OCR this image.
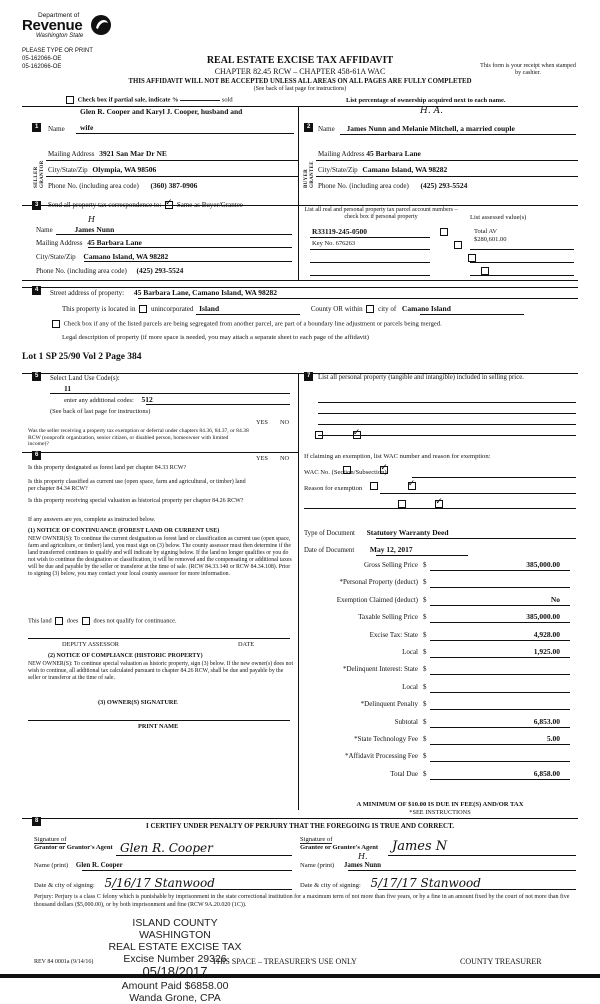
Department of
Revenue
Washington State
PLEASE TYPE OR PRINT
05-162066-OE
05-162066-OE
REAL ESTATE EXCISE TAX AFFIDAVIT
CHAPTER 82.45 RCW – CHAPTER 458-61A WAC
This form is your receipt when stamped by cashier.
THIS AFFIDAVIT WILL NOT BE ACCEPTED UNLESS ALL AREAS ON ALL PAGES ARE FULLY COMPLETED
(See back of last page for instructions)
Check box if partial sale, indicate %	sold	List percentage of ownership acquired next to each name.
1
SELLER GRANTOR
Glen R. Cooper and Karyl J. Cooper, husband and
Name wife
Mailing Address 3921 San Mar Dr NE
City/State/Zip Olympia, WA 98506
Phone No. (including area code) (360) 387-0906
2
BUYER GRANTEE
H. A.
Name James Nunn and Melanie Mitchell, a married couple
Mailing Address 45 Barbara Lane
City/State/Zip Camano Island, WA 98282
Phone No. (including area code) (425) 293-5524
3	Send all property tax correspondence to: ✓ Same as Buyer/Grantee
H
Name	James Nunn
Mailing Address 45 Barbara Lane
City/State/Zip Camano Island, WA 98282
Phone No. (including area code) (425) 293-5524
List all real and personal property tax parcel account numbers – check box if personal property	List assessed value(s)
R33119-245-0500

Key No. 676263

Total AV
$280,601.00
4	Street address of property: 45 Barbara Lane, Camano Island, WA 98282
This property is located in unincorporated Island	County OR within city of Camano Island
Check box if any of the listed parcels are being segregated from another parcel, are part of a boundary line adjustment or parcels being merged.
Legal description of property (if more space is needed, you may attach a separate sheet to each page of the affidavit)
Lot 1 SP 25/90 Vol 2 Page 384
5	Select Land Use Code(s):
11
enter any additional codes: 512
(See back of last page for instructions)
YES NO
Was the seller receiving a property tax exemption or deferral under chapters 84.36, 84.37, or 84.38 RCW (nonprofit organization, senior citizen, or disabled person, homeowner with limited income)?
✓
6	YES NO
Is this property designated as forest land per chapter 84.33 RCW?
✓
Is this property classified as current use (open space, farm and agricultural, or timber) land per chapter 84.34 RCW?
✓
Is this property receiving special valuation as historical property per chapter 84.26 RCW?
✓
If any answers are yes, complete as instructed below.
(1) NOTICE OF CONTINUANCE (FOREST LAND OR CURRENT USE)
NEW OWNER(S): To continue the current designation as forest land or classification as current use (open space, farm and agriculture, or timber) land, you must sign on (3) below. The county assessor must then determine if the land transferred continues to qualify and will indicate by signing below. If the land no longer qualifies or you do not wish to continue the designation or classification, it will be removed and the compensating or additional taxes will be due and payable by the seller or transferor at the time of sale. (RCW 84.33.140 or RCW 84.34.108). Prior to signing (3) below, you may contact your local county assessor for more information.
This land does does not qualify for continuance.
DEPUTY ASSESSOR	DATE
(2) NOTICE OF COMPLIANCE (HISTORIC PROPERTY)
NEW OWNER(S): To continue special valuation as historic property, sign (3) below. If the new owner(s) does not wish to continue, all additional tax calculated pursuant to chapter 84.26 RCW, shall be due and payable by the seller or transferor at the time of sale.
(3) OWNER(S) SIGNATURE
PRINT NAME
7	List all personal property (tangible and intangible) included in selling price.
If claiming an exemption, list WAC number and reason for exemption:
WAC No. (Section/Subsection)
Reason for exemption
Type of Document Statutory Warranty Deed
Date of Document May 12, 2017
Gross Selling Price $	385,000.00
*Personal Property (deduct) $
Exemption Claimed (deduct) $	No
Taxable Selling Price $	385,000.00
Excise Tax: State $	4,928.00
Local $	1,925.00
*Delinquent Interest: State $
Local $
*Delinquent Penalty $
Subtotal $	6,853.00
*State Technology Fee $	5.00
*Affidavit Processing Fee $
Total Due $	6,858.00
A MINIMUM OF $10.00 IS DUE IN FEE(S) AND/OR TAX
*SEE INSTRUCTIONS
8
I CERTIFY UNDER PENALTY OF PERJURY THAT THE FOREGOING IS TRUE AND CORRECT.
Signature of
Grantor or Grantor's Agent Glen R. Cooper
Name (print) Glen R. Cooper
Date & city of signing: 5/16/17 Stanwood
Signature of
Grantee or Grantee's Agent James N
Name (print) James Nunn
H.
Date & city of signing: 5/17/17 Stanwood
Perjury: Perjury is a class C felony which is punishable by imprisonment in the state correctional institution for a maximum term of not more than five years, or by a fine in an amount fixed by the court of not more than five thousand dollars ($5,000.00), or by both imprisonment and fine (RCW 9A.20.020 (1C)).
ISLAND COUNTY WASHINGTON
REAL ESTATE EXCISE TAX
Excise Number 29326
05/18/2017
Amount Paid $6858.00
Wanda Grone, CPA
REV 84 0001a (9/14/16)	THIS SPACE – TREASURER'S USE ONLY	COUNTY TREASURER
